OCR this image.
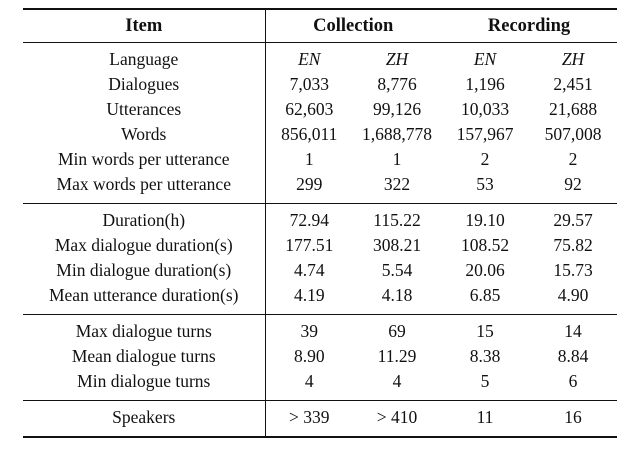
Item	Collection		Recording	
Language	EN	ZH	EN	ZH
Dialogues	7,033	8,776	1,196	2,451
Utterances	62,603	99,126	10,033	21,688
Words	856,011	1,688,778	157,967	507,008
Min words per utterance	1	1	2	2
Max words per utterance	299	322	53	92
Duration(h)	72.94	115.22	19.10	29.57
Max dialogue duration(s)	177.51	308.21	108.52	75.82
Min dialogue duration(s)	4.74	5.54	20.06	15.73
Mean utterance duration(s)	4.19	4.18	6.85	4.90
Max dialogue turns	39	69	15	14
Mean dialogue turns	8.90	11.29	8.38	8.84
Min dialogue turns	4	4	5	6
Speakers	> 339	> 410	11	16
